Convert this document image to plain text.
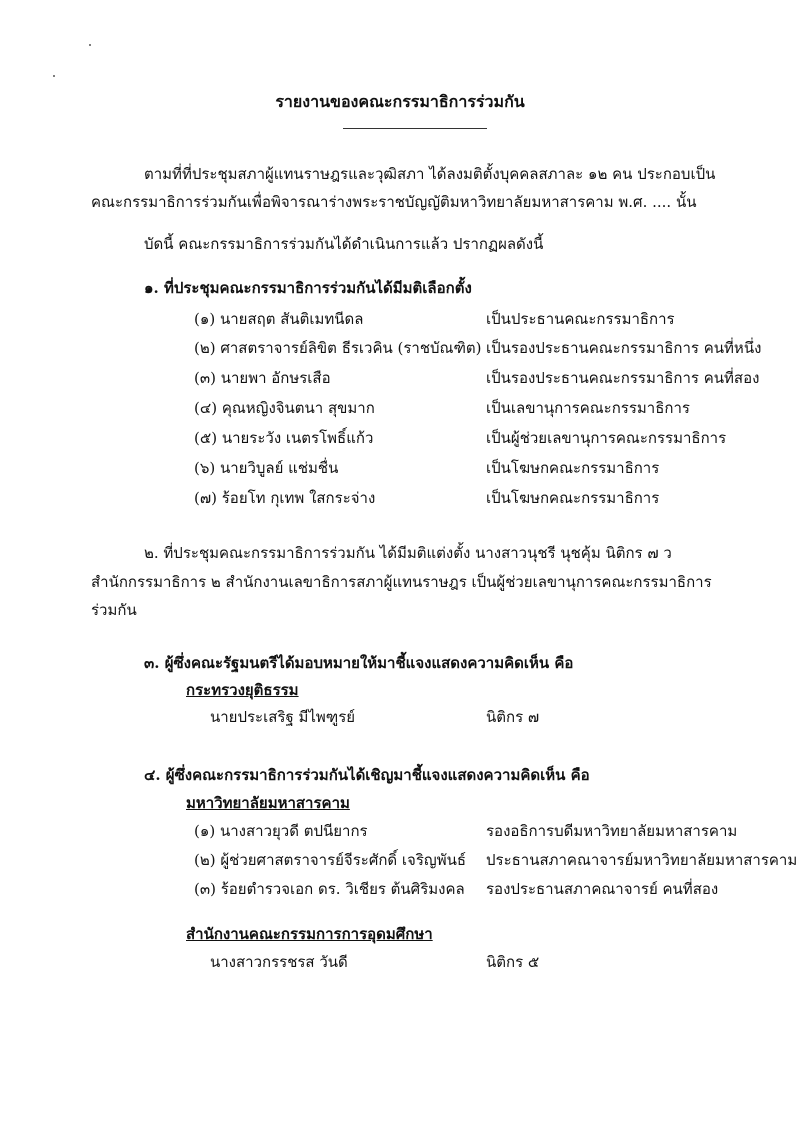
รายงานของคณะกรรมาธิการร่วมกัน
ตามที่ที่ประชุมสภาผู้แทนราษฎรและวุฒิสภา ได้ลงมติตั้งบุคคลสภาละ ๑๒ คน ประกอบเป็น
คณะกรรมาธิการร่วมกันเพื่อพิจารณาร่างพระราชบัญญัติมหาวิทยาลัยมหาสารคาม พ.ศ. .... นั้น
บัดนี้ คณะกรรมาธิการร่วมกันได้ดำเนินการแล้ว ปรากฏผลดังนี้
๑. ที่ประชุมคณะกรรมาธิการร่วมกันได้มีมติเลือกตั้ง
(๑) นายสฤต สันติเมทนีดล	เป็นประธานคณะกรรมาธิการ
(๒) ศาสตราจารย์ลิขิต ธีรเวคิน (ราชบัณฑิต) เป็นรองประธานคณะกรรมาธิการ คนที่หนึ่ง
(๓) นายพา อักษรเสือ	เป็นรองประธานคณะกรรมาธิการ คนที่สอง
(๔) คุณหญิงจินตนา สุขมาก	เป็นเลขานุการคณะกรรมาธิการ
(๕) นายระวัง เนตรโพธิ์แก้ว	เป็นผู้ช่วยเลขานุการคณะกรรมาธิการ
(๖) นายวิบูลย์ แช่มชื่น	เป็นโฆษกคณะกรรมาธิการ
(๗) ร้อยโท กุเทพ ใสกระจ่าง	เป็นโฆษกคณะกรรมาธิการ
๒. ที่ประชุมคณะกรรมาธิการร่วมกัน ได้มีมติแต่งตั้ง นางสาวนุชรี นุชคุ้ม นิติกร ๗ ว
สำนักกรรมาธิการ ๒ สำนักงานเลขาธิการสภาผู้แทนราษฎร เป็นผู้ช่วยเลขานุการคณะกรรมาธิการ
ร่วมกัน
๓. ผู้ซึ่งคณะรัฐมนตรีได้มอบหมายให้มาชี้แจงแสดงความคิดเห็น คือ
กระทรวงยุติธรรม
นายประเสริฐ มีไพฑูรย์	นิติกร ๗
๔. ผู้ซึ่งคณะกรรมาธิการร่วมกันได้เชิญมาชี้แจงแสดงความคิดเห็น คือ
มหาวิทยาลัยมหาสารคาม
(๑) นางสาวยุวดี ตปนียากร	รองอธิการบดีมหาวิทยาลัยมหาสารคาม
(๒) ผู้ช่วยศาสตราจารย์จีระศักดิ์ เจริญพันธ์ ประธานสภาคณาจารย์มหาวิทยาลัยมหาสารคาม
(๓) ร้อยตำรวจเอก ดร. วิเชียร ต้นศิริมงคล รองประธานสภาคณาจารย์ คนที่สอง
สำนักงานคณะกรรมการการอุดมศึกษา
นางสาวกรรชรส วันดี	นิติกร ๕
